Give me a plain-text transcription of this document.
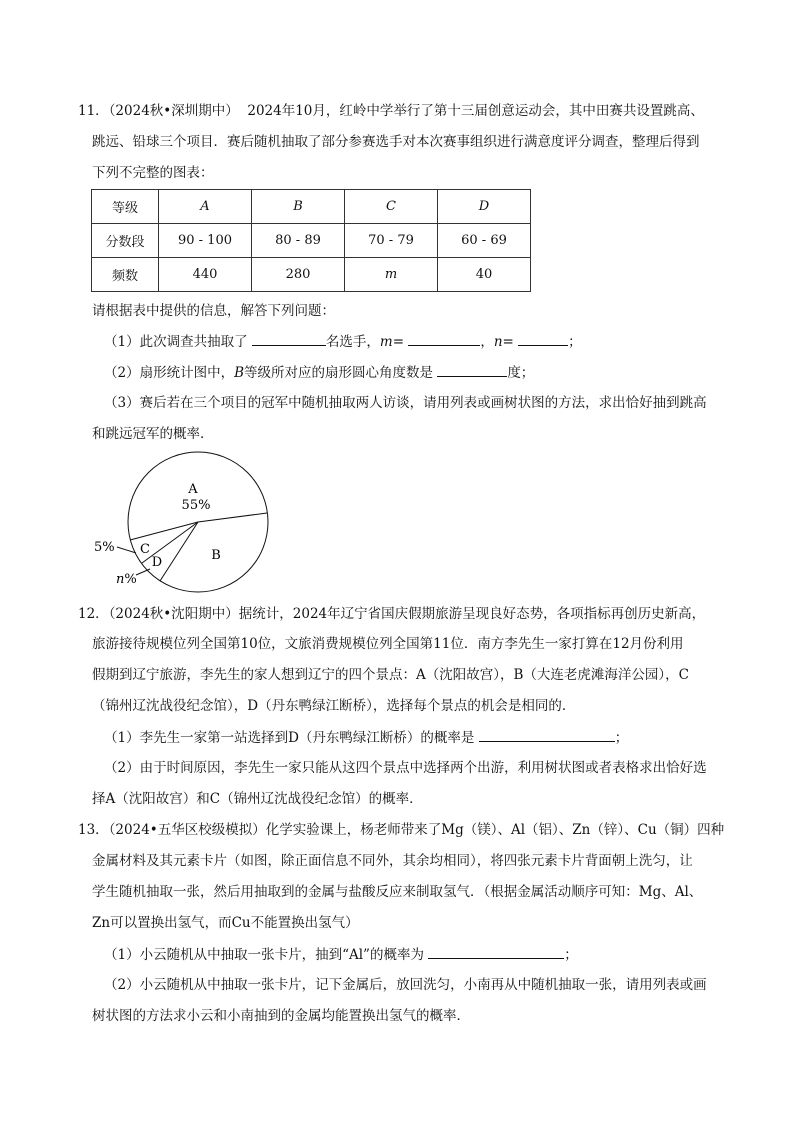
11．（2024秋•深圳期中） 2024年10月，红岭中学举行了第十三届创意运动会，其中田赛共设置跳高、
跳远、铅球三个项目．赛后随机抽取了部分参赛选手对本次赛事组织进行满意度评分调查，整理后得到
下列不完整的图表：
等级	A	B	C	D
分数段	90 - 100	80 - 89	70 - 79	60 - 69
频数	440	280	m	40
请根据表中提供的信息，解答下列问题：
（1）此次调查共抽取了	名选手，m=	，n=	；
（2）扇形统计图中，B等级所对应的扇形圆心角度数是	度；
（3）赛后若在三个项目的冠军中随机抽取两人访谈，请用列表或画树状图的方法，求出恰好抽到跳高
和跳远冠军的概率．
A
55%
B
C
D
5%
n%
12．（2024秋•沈阳期中）据统计，2024年辽宁省国庆假期旅游呈现良好态势，各项指标再创历史新高，
旅游接待规模位列全国第10位，文旅消费规模位列全国第11位．南方李先生一家打算在12月份利用
假期到辽宁旅游，李先生的家人想到辽宁的四个景点：A（沈阳故宫），B（大连老虎滩海洋公园），C
（锦州辽沈战役纪念馆），D（丹东鸭绿江断桥），选择每个景点的机会是相同的．
（1）李先生一家第一站选择到D（丹东鸭绿江断桥）的概率是	；
（2）由于时间原因，李先生一家只能从这四个景点中选择两个出游，利用树状图或者表格求出恰好选
择A（沈阳故宫）和C（锦州辽沈战役纪念馆）的概率．
13．（2024•五华区校级模拟）化学实验课上，杨老师带来了Mg（镁）、Al（铝）、Zn（锌）、Cu（铜）四种
金属材料及其元素卡片（如图，除正面信息不同外，其余均相同），将四张元素卡片背面朝上洗匀，让
学生随机抽取一张，然后用抽取到的金属与盐酸反应来制取氢气．（根据金属活动顺序可知：Mg、Al、
Zn可以置换出氢气，而Cu不能置换出氢气）
（1）小云随机从中抽取一张卡片，抽到“Al”的概率为	；
（2）小云随机从中抽取一张卡片，记下金属后，放回洗匀，小南再从中随机抽取一张，请用列表或画
树状图的方法求小云和小南抽到的金属均能置换出氢气的概率．
